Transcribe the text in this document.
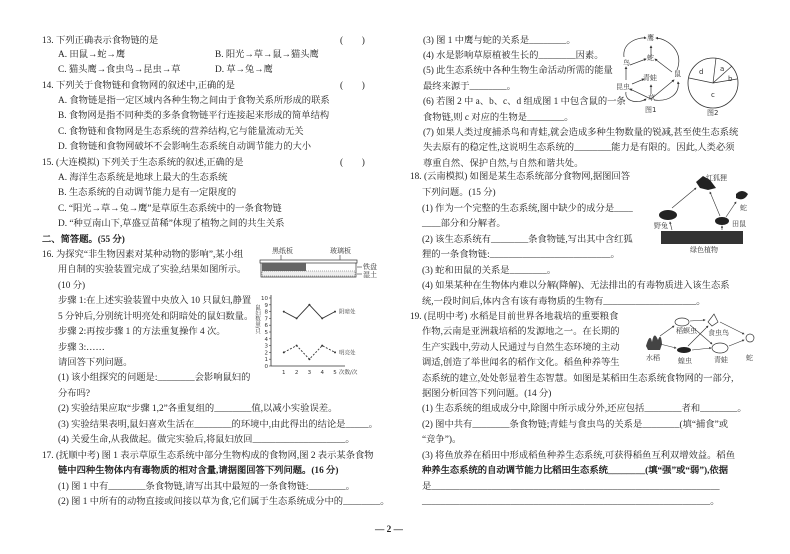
13. 下列正确表示食物链的是	(　　)
A. 田鼠→蛇→鹰	B. 阳光→草→鼠→猫头鹰
C. 猫头鹰→食虫鸟→昆虫→草	D. 草→兔→鹰
14. 下列关于食物链和食物网的叙述中,正确的是	(　　)
A. 食物链是指一定区域内各种生物之间由于食物关系所形成的联系
B. 食物网是指不同种类的多条食物链平行连接起来形成的简单结构
C. 食物链和食物网是生态系统的营养结构,它与能量流动无关
D. 食物链和食物网破坏不会影响生态系统自动调节能力的大小
15. (大连模拟) 下列关于生态系统的叙述,正确的是	(　　)
A. 海洋生态系统是地球上最大的生态系统
B. 生态系统的自动调节能力是有一定限度的
C. “阳光→草→兔→鹰”是草原生态系统中的一条食物链
D. “种豆南山下,草盛豆苗稀”体现了植物之间的共生关系
二、简答题。(55 分)
16. 为探究“非生物因素对某种动物的影响”,某小组
用自制的实验装置完成了实验,结果如图所示。
(10 分)
步骤 1:在上述实验装置中央放入 10 只鼠妇,静置
5 分钟后,分别统计明亮处和阴暗处的鼠妇数量。
步骤 2:再按步骤 1 的方法重复操作 4 次。
步骤 3:……
请回答下列问题。
(1) 该小组探究的问题是:________会影响鼠妇的
分布吗?
(2) 实验结果应取“步骤 1,2”各重复组的________值,以减小实验误差。
(3) 实验结果表明,鼠妇喜欢生活在________的环境中,由此得出的结论是_____。
(4) 关爱生命,从我做起。做完实验后,将鼠妇放回____________________。
黑纸板	玻璃板
铁盘
湿土
0
1
2
3
4
5
6
7
8
9
10
1 2 3 4 5 次数/次
鼠妇数量/只	阴暗处
明亮处
17. (抚顺中考) 图 1 表示草原生态系统中部分生物构成的食物网,图 2 表示某条食物
链中四种生物体内有毒物质的相对含量,请据图回答下列问题。(16 分)
(1) 图 1 中有________条食物链,请写出其中最短的一条食物链:________。
(2) 图 1 中所有的动物直接或间接以草为食,它们属于生态系统成分中的________。
(3) 图 1 中鹰与蛇的关系是________。
(4) 水是影响草原植被生长的________因素。
(5) 此生态系统中各种生物生命活动所需的能量
最终来源于________。
(6) 若图 2 中 a、b、c、d 组成图 1 中包含鼠的一条
食物链,则 c 对应的生物是________。
(7) 如果人类过度捕杀鸟和青蛙,就会造成多种生物数量的锐减,甚至使生态系统
失去原有的稳定性,这说明生态系统的________能力是有限的。因此,人类必须
尊重自然、保护自然,与自然和谐共处。
鹰
蛇
鸟
青蛙 鼠
昆虫
草
图1
d a
b
c
图2
18. (云南模拟) 如图是某生态系统部分食物网,据图回答
下列问题。(15 分)
(1) 作为一个完整的生态系统,图中缺少的成分是____
____部分和分解者。
(2) 该生态系统有________条食物链,写出其中含红狐
狸的一条食物链:__________________________。
(3) 蛇和田鼠的关系是________。
(4) 如果某种在生物体内难以分解(降解)、无法排出的有毒物质进入该生态系
统,一段时间后,体内含有该有毒物质的生物有____________________。
红狐狸
蛇
野兔	田鼠
绿色植物
19. (昆明中考) 水稻是目前世界各地栽培的重要粮食
作物,云南是亚洲栽培稻的发源地之一。在长期的
生产实践中,劳动人民通过与自然生态环境的主动
调适,创造了举世闻名的稻作文化。稻鱼种养等生
态系统的建立,处处彰显着生态智慧。如图是某稻田生态系统食物网的一部分,
据图分析回答下列问题。(14 分)
(1) 生态系统的组成成分中,除图中所示成分外,还应包括________者和________。
(2) 图中共有________条食物链;青蛙与食虫鸟的关系是________(填“捕食”或
“竞争”)。
(3) 将鱼放养在稻田中形成稻鱼种养生态系统,可获得稻鱼互利双增效益。稻鱼
种养生态系统的自动调节能力比稻田生态系统________(填“强”或“弱”),依据
是______________________________________________________________
______________________________________________________________。
水稻
稻螟虫 食虫鸟
蝗虫	青蛙	蛇
— 2 —
